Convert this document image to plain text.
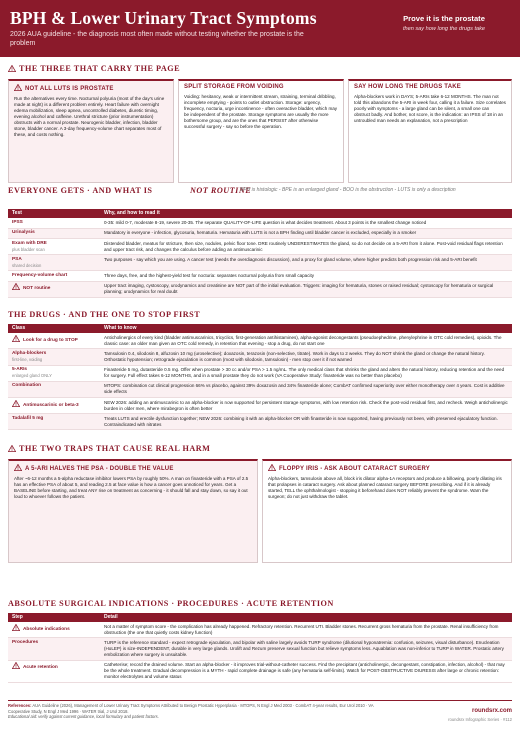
BPH & Lower Urinary Tract Symptoms
2026 AUA guideline - the diagnosis most often made without testing whether the prostate is the problem
Prove it is the prostate
then say how long the drugs take
THE THREE THAT CARRY THE PAGE
NOT ALL LUTS IS PROSTATE

Run the alternatives every time. Nocturnal polyuria (most of the day's urine made at night) is a different problem entirely. Heart failure with overnight edema mobilization, sleep apnea, uncontrolled diabetes, diuretic timing, evening alcohol and caffeine. Urethral stricture (prior instrumentation) obstructs with a normal prostate. Neurogenic bladder, infection, bladder stone, bladder cancer. A 3-day frequency-volume chart separates most of these, and costs nothing.

SPLIT STORAGE FROM VOIDING

Voiding: hesitancy, weak or intermittent stream, straining, terminal dribbling, incomplete emptying - points to outlet obstruction. Storage: urgency, frequency, nocturia, urge incontinence - often overactive bladder, which may be independent of the prostate. Storage symptoms are usually the more bothersome group, and are the ones that PERSIST after otherwise successful surgery - say so before the operation.

SAY HOW LONG THE DRUGS TAKE

Alpha-blockers work in DAYS; 5-ARIs take 6-12 MONTHS. The man not told this abandons the 5-ARI in week four, calling it a failure. Size correlates poorly with symptoms - a large gland can be silent, a small one can obstruct badly. And bother, not score, is the indication: an IPSS of 18 in an untroubled man needs an explanation, not a prescription

EVERYONE GETS · AND WHAT IS	NOT ROUTINE
BPH is histologic - BPE is an enlarged gland - BOO is the obstruction - LUTS is only a description
Test	Why, and how to read it
IPSS	0-35: mild 0-7, moderate 8-19, severe 20-35. The separate QUALITY-OF-LIFE question is what decides treatment. About 3 points is the smallest change noticed
Urinalysis	Mandatory in everyone - infection, glycosuria, hematuria. Hematuria with LUTS is not a BPH finding until bladder cancer is excluded, especially in a smoker
Exam with DRE
plus bladder scan	Distended bladder, meatus for stricture, then size, nodules, pelvic floor tone. DRE routinely UNDERESTIMATES the gland, so do not decide on a 5-ARI from it alone. Post-void residual flags retention and upper tract risk, and changes the calculus before adding an antimuscarinic
PSA
shared decision	Two purposes - say which you are using. A cancer test (needs the overdiagnosis discussion), and a proxy for gland volume, where higher predicts both progression risk and 5-ARI benefit
Frequency-volume chart	Three days, free, and the highest-yield test for nocturia: separates nocturnal polyuria from small capacity

NOT routine	Upper tract imaging, cystoscopy, urodynamics and creatinine are NOT part of the initial evaluation. Triggers: imaging for hematuria, stones or raised residual; cystoscopy for hematuria or surgical planning; urodynamics for real doubt
THE DRUGS · AND THE ONE TO STOP FIRST
Class	What to know

Look for a drug to STOP	Anticholinergics of every kind (bladder antimuscarinics, tricyclics, first-generation antihistamines), alpha-agonist decongestants (pseudoephedrine, phenylephrine in OTC cold remedies), opioids. The classic case: an older man given an OTC cold remedy, in retention that evening - stop a drug, do not start one
Alpha-blockers
first-line, voiding	Tamsulosin 0.4, silodosin 8, alfuzosin 10 mg (uroselective); doxazosin, terazosin (non-selective, titrate). Work in days to 2 weeks. They do NOT shrink the gland or change the natural history. Orthostatic hypotension; retrograde ejaculation is common (most with silodosin, tamsulosin) - men stop over it if not warned
5-ARIs
enlarged gland ONLY	Finasteride 5 mg, dutasteride 0.5 mg. Offer when prostate > 30 cc and/or PSA > 1.5 ng/mL. The only medical class that shrinks the gland and alters the natural history, reducing retention and the need for surgery. Full effect takes 6-12 MONTHS, and in a small prostate they do not work (VA Cooperative Study: finasteride was no better than placebo)
Combination	MTOPS: combination cut clinical progression 66% vs placebo, against 39% doxazosin and 34% finasteride alone; CombAT confirmed superiority over either monotherapy over 4 years. Cost is additive side effects

Antimuscarinic or beta-3	NEW 2026: adding an antimuscarinic to an alpha-blocker is now supported for persistent storage symptoms, with low retention risk. Check the post-void residual first, and recheck. Weigh anticholinergic burden in older men, where mirabegron is often better
Tadalafil 5 mg	Treats LUTS and erectile dysfunction together; NEW 2026: combining it with an alpha-blocker OR with finasteride is now supported, having previously not been, with preserved ejaculatory function. Contraindicated with nitrates
THE TWO TRAPS THAT CAUSE REAL HARM
A 5-ARI HALVES THE PSA - DOUBLE THE VALUE

After ~6-12 months a 5-alpha reductase inhibitor lowers PSA by roughly 50%. A man on finasteride with a PSA of 2.5 has an effective PSA of about 5, and reading 2.5 at face value is how a cancer goes unnoticed for years. Get a BASELINE before starting, and treat ANY rise on treatment as concerning - it should fall and stay down, so say it out loud to whoever follows the patient.

FLOPPY IRIS - ASK ABOUT CATARACT SURGERY

Alpha-blockers, tamsulosin above all, block iris dilator alpha-1A receptors and produce a billowing, poorly dilating iris that prolapses in cataract surgery. Ask about planned cataract surgery BEFORE prescribing. And if it is already started, TELL the ophthalmologist - stopping it beforehand does NOT reliably prevent the syndrome. Warn the surgeon; do not just withdraw the tablet.

ABSOLUTE SURGICAL INDICATIONS · PROCEDURES · ACUTE RETENTION
Step	Detail

Absolute indications	Not a matter of symptom score - the complication has already happened. Refractory retention. Recurrent UTI. Bladder stones. Recurrent gross hematuria from the prostate. Renal insufficiency from obstruction (the one that quietly costs kidney function)
Procedures	TURP is the reference standard - expect retrograde ejaculation, and bipolar with saline largely avoids TURP syndrome (dilutional hyponatremia: confusion, seizures, visual disturbance). Enucleation (HoLEP) is size-INDEPENDENT, durable in very large glands. Urolift and Rezum preserve sexual function but relieve symptoms less. Aquablation was non-inferior to TURP in WATER. Prostatic artery embolization where surgery is unsuitable.

Acute retention	Catheterise; record the drained volume. Start an alpha-blocker - it improves trial-without-catheter success. Find the precipitant (anticholinergic, decongestant, constipation, infection, alcohol) - that may be the whole treatment. Gradual decompression is a MYTH - rapid complete drainage is safe (any hematuria self-limits). Watch for POST-OBSTRUCTIVE DIURESIS after large or chronic retention: monitor electrolytes and volume status
References: AUA Guideline (2026), Management of Lower Urinary Tract Symptoms Attributed to Benign Prostatic Hyperplasia · MTOPS, N Engl J Med 2003 · CombAT 4-year results, Eur Urol 2010 · VA Cooperative Study, N Engl J Med 1996 · WATER trial, J Urol 2018.
Educational aid: verify against current guidance, local formulary and patient factors.
roundsrx.com
roundsrx Infographic Series · #112
